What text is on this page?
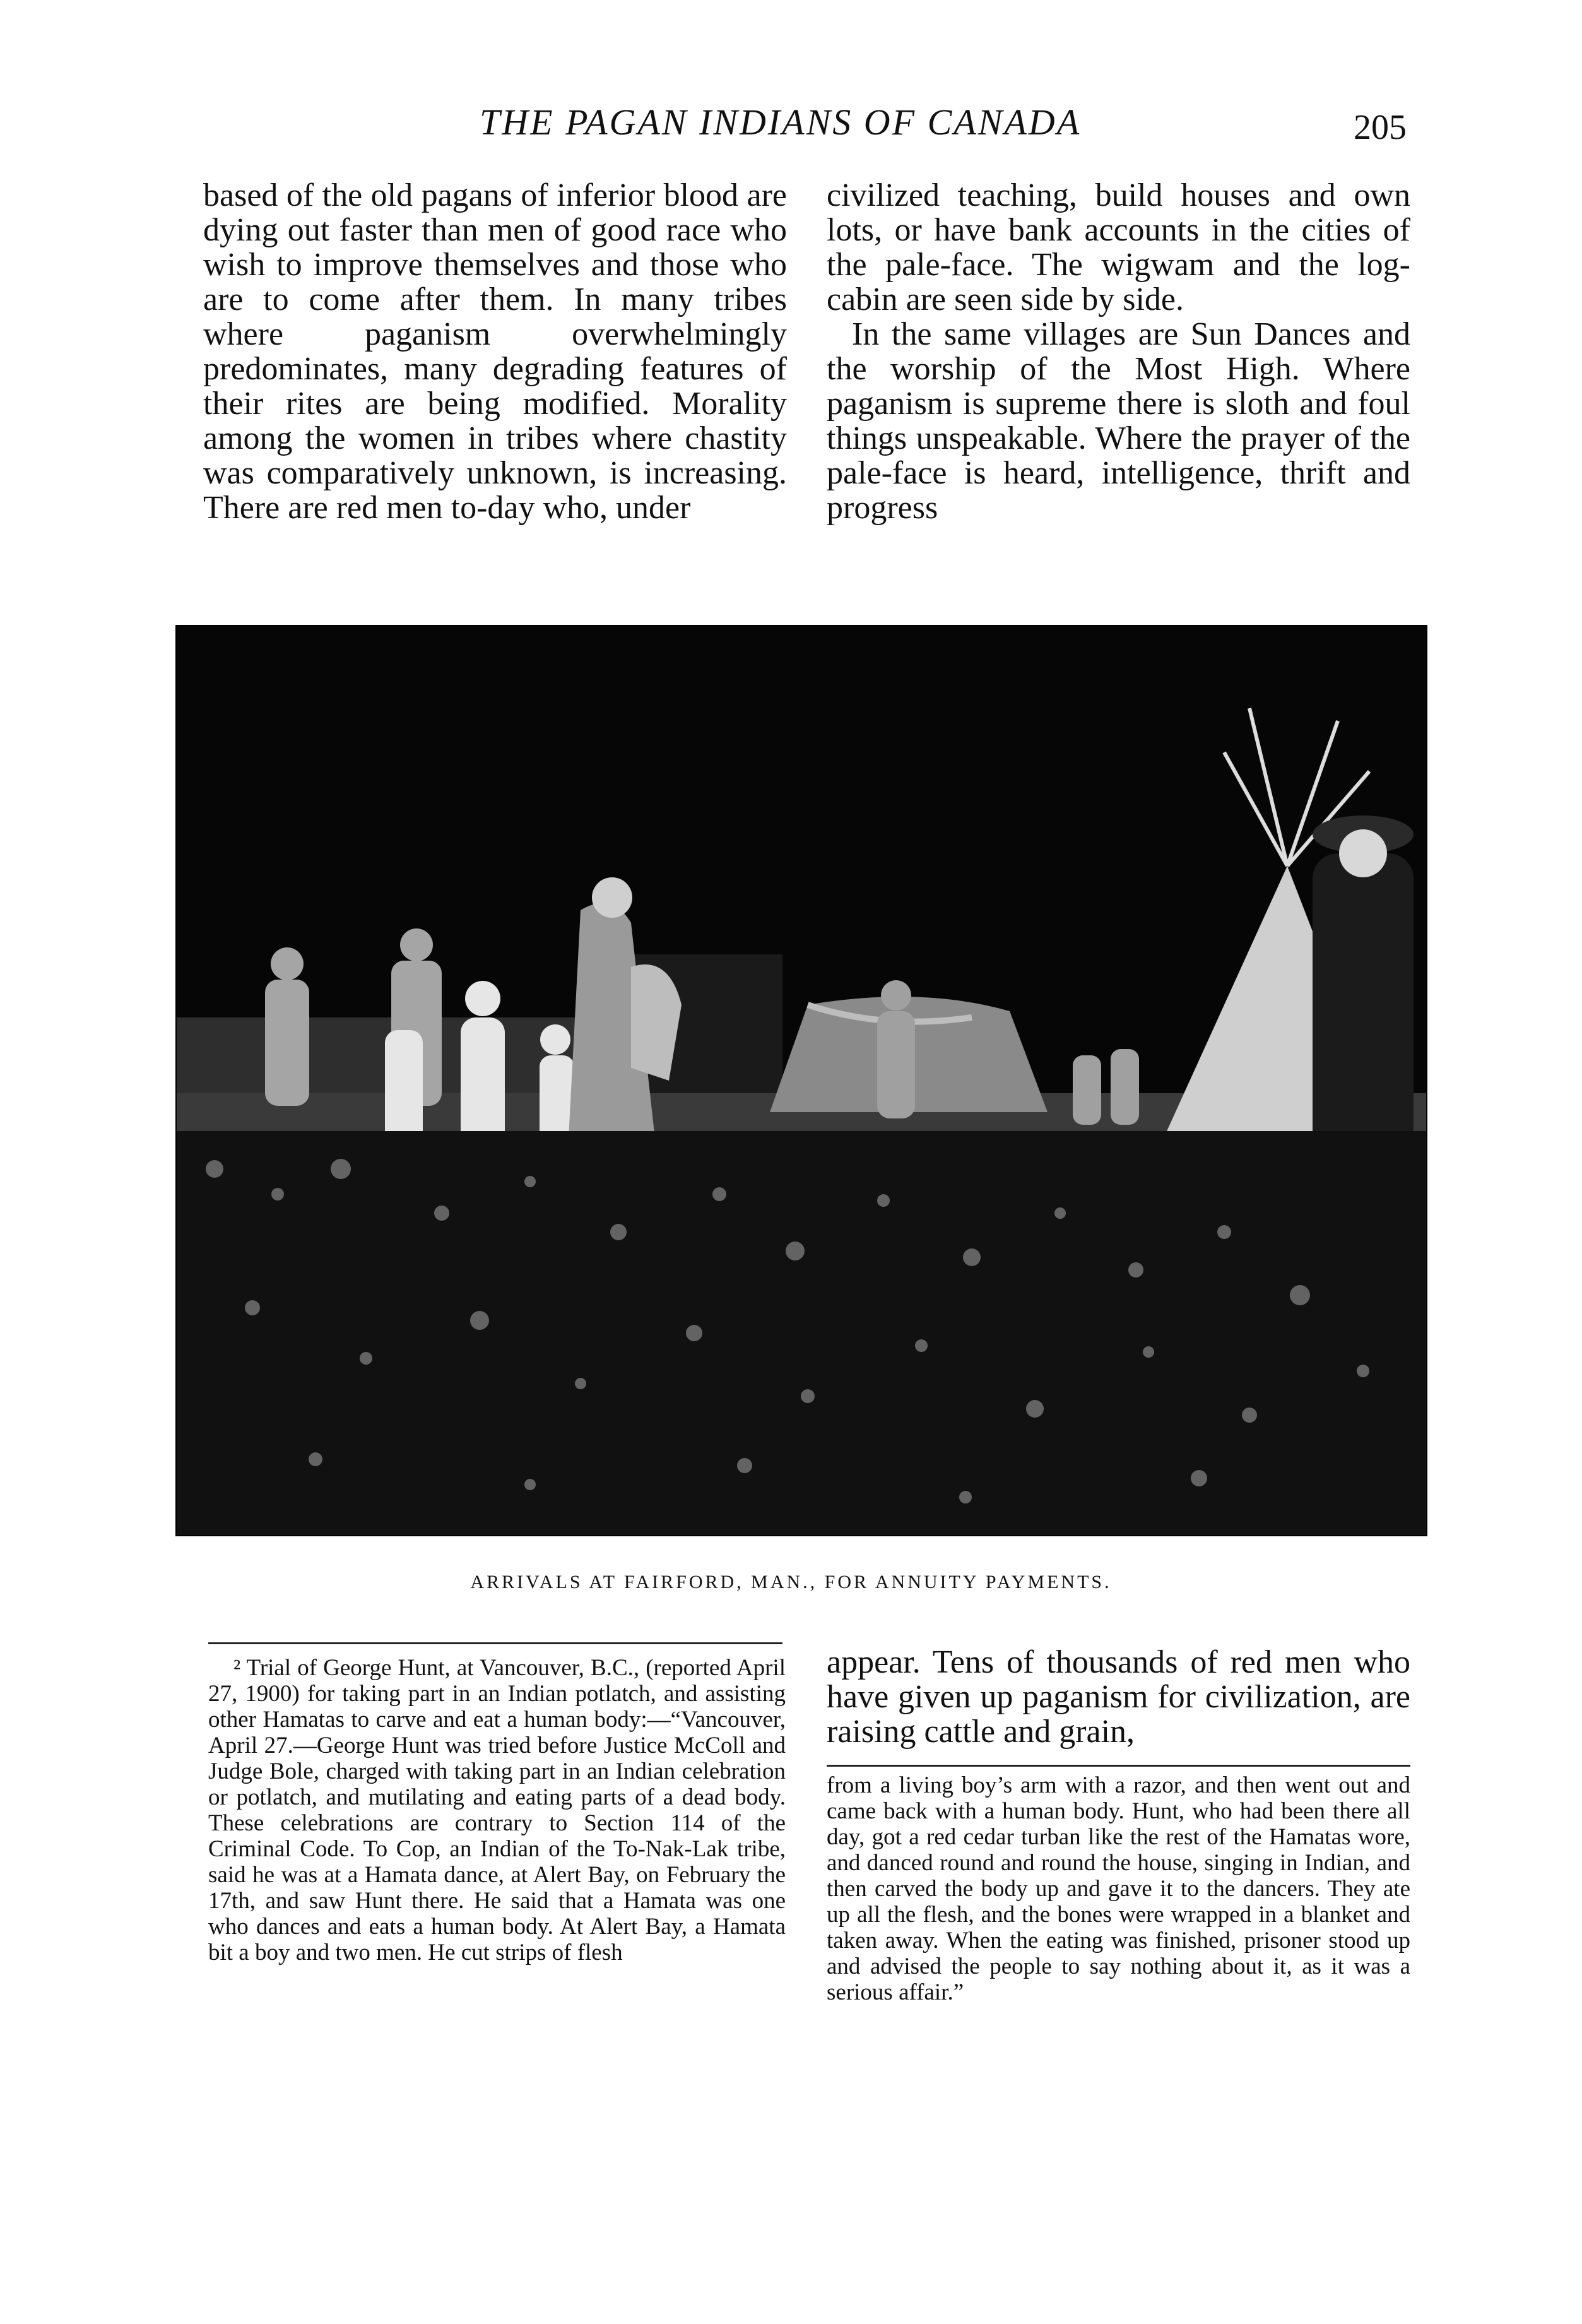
THE PAGAN INDIANS OF CANADA	205

based of the old pagans of inferior blood are dying out faster than men of good race who wish to improve themselves and those who are to come after them. In many tribes where paganism overwhelmingly predominates, many degrading features of their rites are being modified. Morality among the women in tribes where chastity was comparatively unknown, is increasing. There are red men to-day who, under

civilized teaching, build houses and own lots, or have bank accounts in the cities of the pale-face. The wigwam and the log-cabin are seen side by side.

In the same villages are Sun Dances and the worship of the Most High. Where paganism is supreme there is sloth and foul things unspeakable. Where the prayer of the pale-face is heard, intelligence, thrift and progress

ARRIVALS AT FAIRFORD, MAN., FOR ANNUITY PAYMENTS.

² Trial of George Hunt, at Vancouver, B.C., (reported April 27, 1900) for taking part in an Indian potlatch, and assisting other Hamatas to carve and eat a human body:—“Vancouver, April 27.—George Hunt was tried before Justice McColl and Judge Bole, charged with taking part in an Indian celebration or potlatch, and mutilating and eating parts of a dead body. These celebrations are contrary to Section 114 of the Criminal Code. To Cop, an Indian of the To-Nak-Lak tribe, said he was at a Hamata dance, at Alert Bay, on February the 17th, and saw Hunt there. He said that a Hamata was one who dances and eats a human body. At Alert Bay, a Hamata bit a boy and two men. He cut strips of flesh

appear. Tens of thousands of red men who have given up paganism for civilization, are raising cattle and grain,

from a living boy’s arm with a razor, and then went out and came back with a human body. Hunt, who had been there all day, got a red cedar turban like the rest of the Hamatas wore, and danced round and round the house, singing in Indian, and then carved the body up and gave it to the dancers. They ate up all the flesh, and the bones were wrapped in a blanket and taken away. When the eating was finished, prisoner stood up and advised the people to say nothing about it, as it was a serious affair.”
